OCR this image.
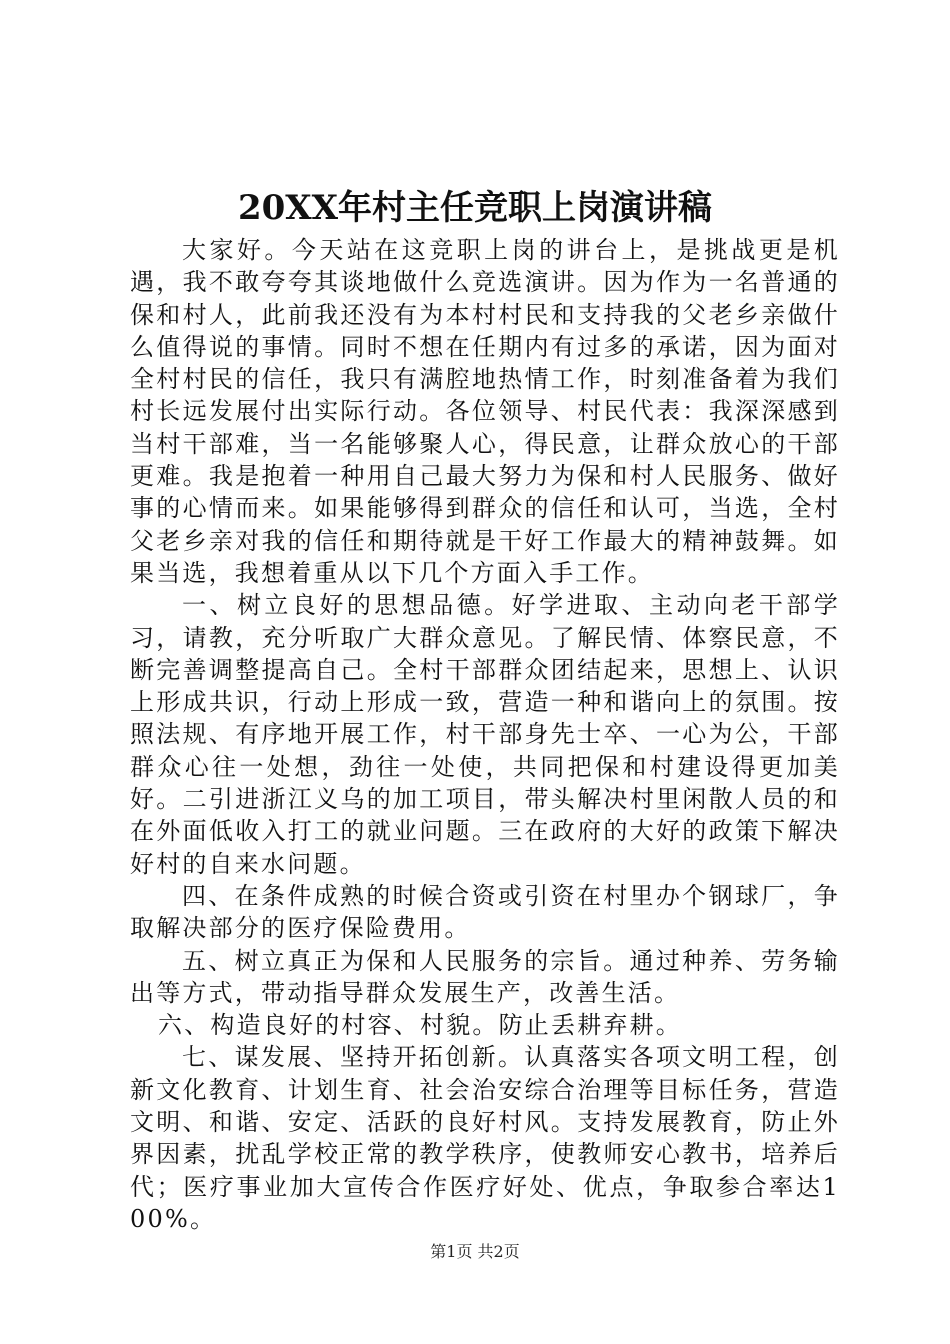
20XX年村主任竞职上岗演讲稿

大家好。今天站在这竞职上岗的讲台上，是挑战更是机遇，我不敢夸夸其谈地做什么竞选演讲。因为作为一名普通的保和村人，此前我还没有为本村村民和支持我的父老乡亲做什么值得说的事情。同时不想在任期内有过多的承诺，因为面对全村村民的信任，我只有满腔地热情工作，时刻准备着为我们村长远发展付出实际行动。各位领导、村民代表：我深深感到当村干部难，当一名能够聚人心，得民意，让群众放心的干部更难。我是抱着一种用自己最大努力为保和村人民服务、做好事的心情而来。如果能够得到群众的信任和认可，当选，全村父老乡亲对我的信任和期待就是干好工作最大的精神鼓舞。如果当选，我想着重从以下几个方面入手工作。

一、树立良好的思想品德。好学进取、主动向老干部学习，请教，充分听取广大群众意见。了解民情、体察民意，不断完善调整提高自己。全村干部群众团结起来，思想上、认识上形成共识，行动上形成一致，营造一种和谐向上的氛围。按照法规、有序地开展工作，村干部身先士卒、一心为公，干部群众心往一处想，劲往一处使，共同把保和村建设得更加美好。二引进浙江义乌的加工项目，带头解决村里闲散人员的和在外面低收入打工的就业问题。三在政府的大好的政策下解决好村的自来水问题。

四、在条件成熟的时候合资或引资在村里办个钢球厂，争取解决部分的医疗保险费用。

五、树立真正为保和人民服务的宗旨。通过种养、劳务输出等方式，带动指导群众发展生产，改善生活。

六、构造良好的村容、村貌。防止丢耕弃耕。

七、谋发展、坚持开拓创新。认真落实各项文明工程，创新文化教育、计划生育、社会治安综合治理等目标任务，营造文明、和谐、安定、活跃的良好村风。支持发展教育，防止外界因素，扰乱学校正常的教学秩序，使教师安心教书，培养后代；医疗事业加大宣传合作医疗好处、优点，争取参合率达100%。

第1页 共2页
